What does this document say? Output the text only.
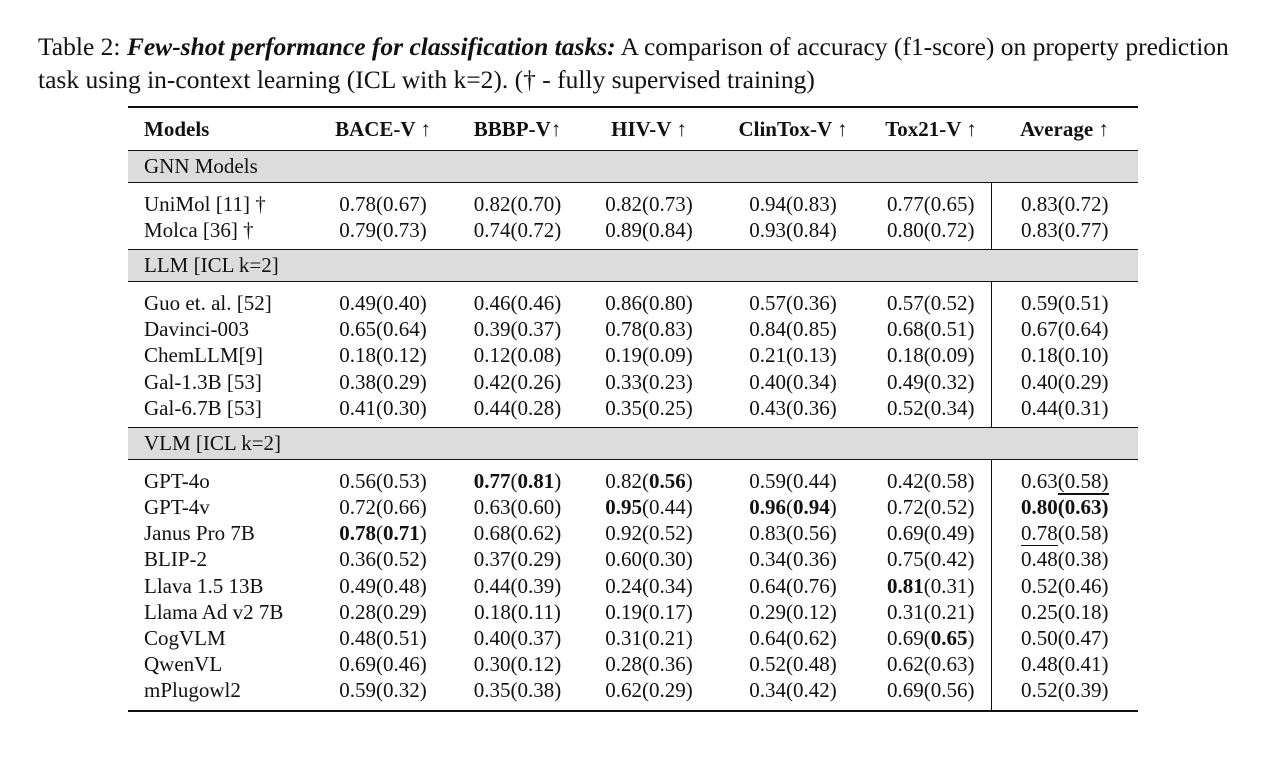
Table 2: Few-shot performance for classification tasks: A comparison of accuracy (f1-score) on property prediction task using in-context learning (ICL with k=2). († - fully supervised training)
Models	BACE-V ↑	BBBP-V↑	HIV-V ↑	ClinTox-V ↑	Tox21-V ↑	Average ↑
GNN Models						

UniMol [11] †	0.78(0.67)	0.82(0.70)	0.82(0.73)	0.94(0.83)	0.77(0.65)	0.83(0.72)
Molca [36] †	0.79(0.73)	0.74(0.72)	0.89(0.84)	0.93(0.84)	0.80(0.72)	0.83(0.77)

LLM [ICL k=2]						

Guo et. al. [52]	0.49(0.40)	0.46(0.46)	0.86(0.80)	0.57(0.36)	0.57(0.52)	0.59(0.51)
Davinci-003	0.65(0.64)	0.39(0.37)	0.78(0.83)	0.84(0.85)	0.68(0.51)	0.67(0.64)
ChemLLM[9]	0.18(0.12)	0.12(0.08)	0.19(0.09)	0.21(0.13)	0.18(0.09)	0.18(0.10)
Gal-1.3B [53]	0.38(0.29)	0.42(0.26)	0.33(0.23)	0.40(0.34)	0.49(0.32)	0.40(0.29)
Gal-6.7B [53]	0.41(0.30)	0.44(0.28)	0.35(0.25)	0.43(0.36)	0.52(0.34)	0.44(0.31)

VLM [ICL k=2]						

GPT-4o	0.56(0.53)	0.77(0.81)	0.82(0.56)	0.59(0.44)	0.42(0.58)	0.63(0.58)
GPT-4v	0.72(0.66)	0.63(0.60)	0.95(0.44)	0.96(0.94)	0.72(0.52)	0.80(0.63)
Janus Pro 7B	0.78(0.71)	0.68(0.62)	0.92(0.52)	0.83(0.56)	0.69(0.49)	0.78(0.58)
BLIP-2	0.36(0.52)	0.37(0.29)	0.60(0.30)	0.34(0.36)	0.75(0.42)	0.48(0.38)
Llava 1.5 13B	0.49(0.48)	0.44(0.39)	0.24(0.34)	0.64(0.76)	0.81(0.31)	0.52(0.46)
Llama Ad v2 7B	0.28(0.29)	0.18(0.11)	0.19(0.17)	0.29(0.12)	0.31(0.21)	0.25(0.18)
CogVLM	0.48(0.51)	0.40(0.37)	0.31(0.21)	0.64(0.62)	0.69(0.65)	0.50(0.47)
QwenVL	0.69(0.46)	0.30(0.12)	0.28(0.36)	0.52(0.48)	0.62(0.63)	0.48(0.41)
mPlugowl2	0.59(0.32)	0.35(0.38)	0.62(0.29)	0.34(0.42)	0.69(0.56)	0.52(0.39)
